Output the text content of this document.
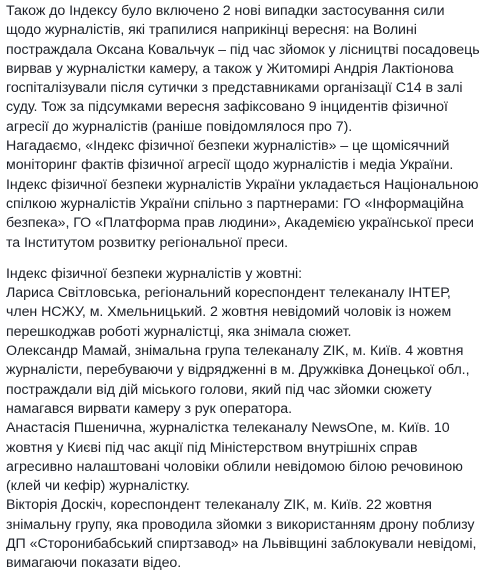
Також до Індексу було включено 2 нові випадки застосування сили щодо журналістів, які трапилися наприкінці вересня: на Волині постраждала Оксана Ковальчук – під час зйомок у лісництві посадовець вирвав у журналістки камеру, а також у Житомирі Андрія Лактіонова госпіталізували після сутички з представниками організації С14 в залі суду. Тож за підсумками вересня зафіксовано 9 інцидентів фізичної агресії до журналістів (раніше повідомлялося про 7).

Нагадаємо, «Індекс фізичної безпеки журналістів» – це щомісячний моніторинг фактів фізичної агресії щодо журналістів і медіа України.

Індекс фізичної безпеки журналістів України укладається Національною спілкою журналістів України спільно з партнерами: ГО «Інформаційна безпека», ГО «Платформа прав людини», Академією української преси та Інститутом розвитку регіональної преси.

Індекс фізичної безпеки журналістів у жовтні:

Лариса Світловська, регіональний кореспондент телеканалу ІНТЕР, член НСЖУ, м. Хмельницький. 2 жовтня невідомий чоловік із ножем перешкоджав роботі журналістці, яка знімала сюжет.

Олександр Мамай, знімальна група телеканалу ZIK, м. Київ. 4 жовтня журналісти, перебуваючи у відрядженні в м. Дружківка Донецької обл., постраждали від дій міського голови, який під час зйомки сюжету намагався вирвати камеру з рук оператора.

Анастасія Пшенична, журналістка телеканалу NewsOne, м. Київ. 10 жовтня у Києві під час акції під Міністерством внутрішніх справ агресивно налаштовані чоловіки облили невідомою білою речовиною (клей чи кефір) журналістку.

Вікторія Доскіч, кореспондент телеканалу ZIK, м. Київ. 22 жовтня знімальну групу, яка проводила зйомки з використанням дрону поблизу ДП «Сторонибабський спиртзавод» на Львівщині заблокували невідомі, вимагаючи показати відео.
